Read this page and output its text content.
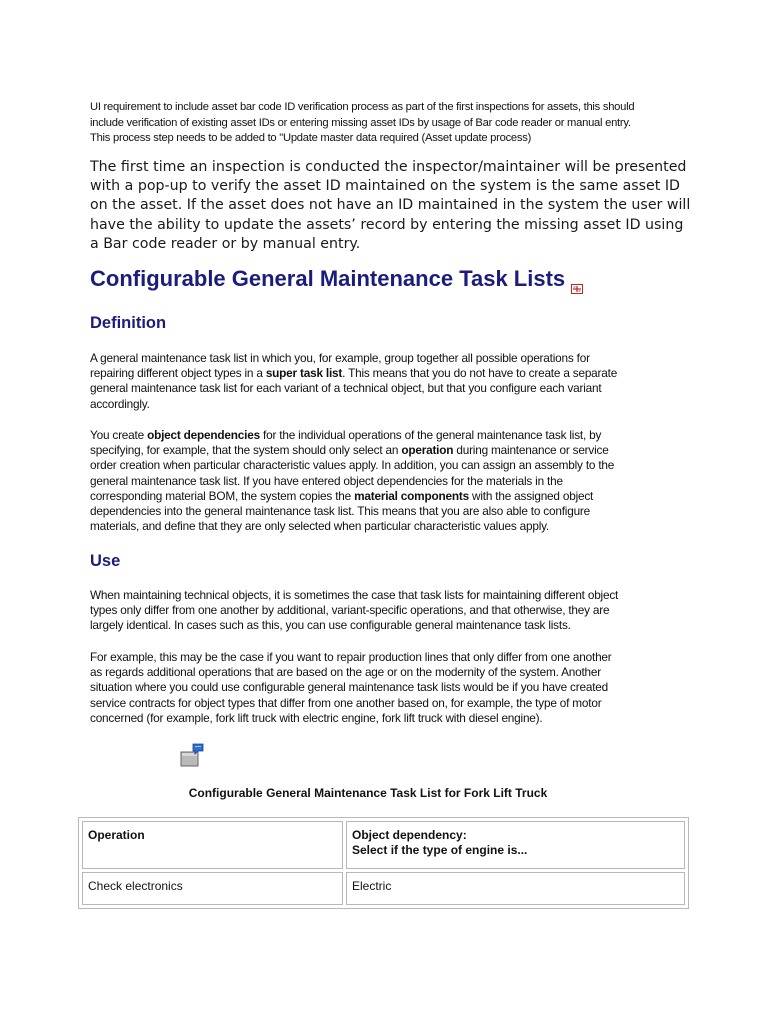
UI requirement to include asset bar code ID verification process as part of the first inspections for assets, this should
include verification of existing asset IDs or entering missing asset IDs by usage of Bar code reader or manual entry.
This process step needs to be added to "Update master data required (Asset update process)
The first time an inspection is conducted the inspector/maintainer will be presented
with a pop-up to verify the asset ID maintained on the system is the same asset ID
on the asset. If the asset does not have an ID maintained in the system the user will
have the ability to update the assets’ record by entering the missing asset ID using
a Bar code reader or by manual entry.
Configurable General Maintenance Task Lists
Definition
A general maintenance task list in which you, for example, group together all possible operations for
repairing different object types in a super task list. This means that you do not have to create a separate
general maintenance task list for each variant of a technical object, but that you configure each variant
accordingly.
You create object dependencies for the individual operations of the general maintenance task list, by
specifying, for example, that the system should only select an operation during maintenance or service
order creation when particular characteristic values apply. In addition, you can assign an assembly to the
general maintenance task list. If you have entered object dependencies for the materials in the
corresponding material BOM, the system copies the material components with the assigned object
dependencies into the general maintenance task list. This means that you are also able to configure
materials, and define that they are only selected when particular characteristic values apply.
Use
When maintaining technical objects, it is sometimes the case that task lists for maintaining different object
types only differ from one another by additional, variant-specific operations, and that otherwise, they are
largely identical. In cases such as this, you can use configurable general maintenance task lists.
For example, this may be the case if you want to repair production lines that only differ from one another
as regards additional operations that are based on the age or on the modernity of the system. Another
situation where you could use configurable general maintenance task lists would be if you have created
service contracts for object types that differ from one another based on, for example, the type of motor
concerned (for example, fork lift truck with electric engine, fork lift truck with diesel engine).
Configurable General Maintenance Task List for Fork Lift Truck
Operation	Object dependency:
Select if the type of engine is...

Check electronics	Electric
